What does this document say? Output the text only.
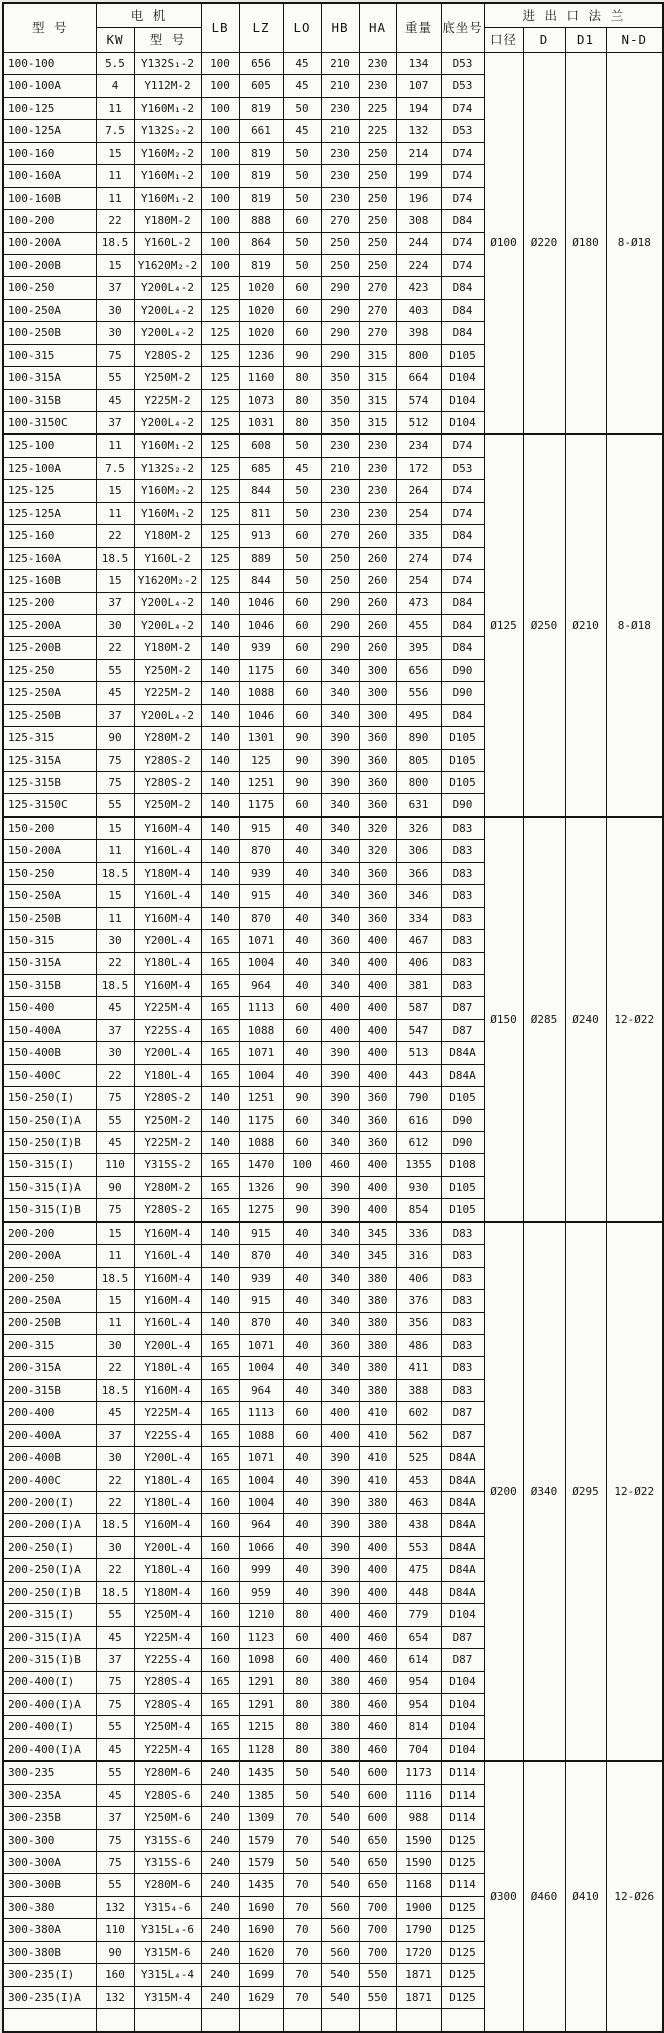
型 号	电 机		LB	LZ	LO	HB	HA	重量	底坐号	进 出 口 法 兰			
	KW	型 号								口径	D	D1	N-D
100-100	5.5	Y132S₁-2	100	656	45	210	230	134	D53	Ø100	Ø220	Ø180	8-Ø18
100-100A	4	Y112M-2	100	605	45	210	230	107	D53				
100-125	11	Y160M₁-2	100	819	50	230	225	194	D74				
100-125A	7.5	Y132S₂-2	100	661	45	210	225	132	D53				
100-160	15	Y160M₂-2	100	819	50	230	250	214	D74				
100-160A	11	Y160M₁-2	100	819	50	230	250	199	D74				
100-160B	11	Y160M₁-2	100	819	50	230	250	196	D74				
100-200	22	Y180M-2	100	888	60	270	250	308	D84				
100-200A	18.5	Y160L-2	100	864	50	250	250	244	D74				
100-200B	15	Y1620M₂-2	100	819	50	250	250	224	D74				
100-250	37	Y200L₄-2	125	1020	60	290	270	423	D84				
100-250A	30	Y200L₄-2	125	1020	60	290	270	403	D84				
100-250B	30	Y200L₄-2	125	1020	60	290	270	398	D84				
100-315	75	Y280S-2	125	1236	90	290	315	800	D105				
100-315A	55	Y250M-2	125	1160	80	350	315	664	D104				
100-315B	45	Y225M-2	125	1073	80	350	315	574	D104				
100-3150C	37	Y200L₄-2	125	1031	80	350	315	512	D104				
125-100	11	Y160M₁-2	125	608	50	230	230	234	D74	Ø125	Ø250	Ø210	8-Ø18
125-100A	7.5	Y132S₂-2	125	685	45	210	230	172	D53				
125-125	15	Y160M₂-2	125	844	50	230	230	264	D74				
125-125A	11	Y160M₁-2	125	811	50	230	230	254	D74				
125-160	22	Y180M-2	125	913	60	270	260	335	D84				
125-160A	18.5	Y160L-2	125	889	50	250	260	274	D74				
125-160B	15	Y1620M₂-2	125	844	50	250	260	254	D74				
125-200	37	Y200L₄-2	140	1046	60	290	260	473	D84				
125-200A	30	Y200L₄-2	140	1046	60	290	260	455	D84				
125-200B	22	Y180M-2	140	939	60	290	260	395	D84				
125-250	55	Y250M-2	140	1175	60	340	300	656	D90				
125-250A	45	Y225M-2	140	1088	60	340	300	556	D90				
125-250B	37	Y200L₄-2	140	1046	60	340	300	495	D84				
125-315	90	Y280M-2	140	1301	90	390	360	890	D105				
125-315A	75	Y280S-2	140	125	90	390	360	805	D105				
125-315B	75	Y280S-2	140	1251	90	390	360	800	D105				
125-3150C	55	Y250M-2	140	1175	60	340	360	631	D90				
150-200	15	Y160M-4	140	915	40	340	320	326	D83	Ø150	Ø285	Ø240	12-Ø22
150-200A	11	Y160L-4	140	870	40	340	320	306	D83				
150-250	18.5	Y180M-4	140	939	40	340	360	366	D83				
150-250A	15	Y160L-4	140	915	40	340	360	346	D83				
150-250B	11	Y160M-4	140	870	40	340	360	334	D83				
150-315	30	Y200L-4	165	1071	40	360	400	467	D83				
150-315A	22	Y180L-4	165	1004	40	340	400	406	D83				
150-315B	18.5	Y160M-4	165	964	40	340	400	381	D83				
150-400	45	Y225M-4	165	1113	60	400	400	587	D87				
150-400A	37	Y225S-4	165	1088	60	400	400	547	D87				
150-400B	30	Y200L-4	165	1071	40	390	400	513	D84A				
150-400C	22	Y180L-4	165	1004	40	390	400	443	D84A				
150-250(I)	75	Y280S-2	140	1251	90	390	360	790	D105				
150-250(I)A	55	Y250M-2	140	1175	60	340	360	616	D90				
150-250(I)B	45	Y225M-2	140	1088	60	340	360	612	D90				
150-315(I)	110	Y315S-2	165	1470	100	460	400	1355	D108				
150-315(I)A	90	Y280M-2	165	1326	90	390	400	930	D105				
150-315(I)B	75	Y280S-2	165	1275	90	390	400	854	D105				
200-200	15	Y160M-4	140	915	40	340	345	336	D83	Ø200	Ø340	Ø295	12-Ø22
200-200A	11	Y160L-4	140	870	40	340	345	316	D83				
200-250	18.5	Y160M-4	140	939	40	340	380	406	D83				
200-250A	15	Y160M-4	140	915	40	340	380	376	D83				
200-250B	11	Y160L-4	140	870	40	340	380	356	D83				
200-315	30	Y200L-4	165	1071	40	360	380	486	D83				
200-315A	22	Y180L-4	165	1004	40	340	380	411	D83				
200-315B	18.5	Y160M-4	165	964	40	340	380	388	D83				
200-400	45	Y225M-4	165	1113	60	400	410	602	D87				
200-400A	37	Y225S-4	165	1088	60	400	410	562	D87				
200-400B	30	Y200L-4	165	1071	40	390	410	525	D84A				
200-400C	22	Y180L-4	165	1004	40	390	410	453	D84A				
200-200(I)	22	Y180L-4	160	1004	40	390	380	463	D84A				
200-200(I)A	18.5	Y160M-4	160	964	40	390	380	438	D84A				
200-250(I)	30	Y200L-4	160	1066	40	390	400	553	D84A				
200-250(I)A	22	Y180L-4	160	999	40	390	400	475	D84A				
200-250(I)B	18.5	Y180M-4	160	959	40	390	400	448	D84A				
200-315(I)	55	Y250M-4	160	1210	80	400	460	779	D104				
200-315(I)A	45	Y225M-4	160	1123	60	400	460	654	D87				
200-315(I)B	37	Y225S-4	160	1098	60	400	460	614	D87				
200-400(I)	75	Y280S-4	165	1291	80	380	460	954	D104				
200-400(I)A	75	Y280S-4	165	1291	80	380	460	954	D104				
200-400(I)	55	Y250M-4	165	1215	80	380	460	814	D104				
200-400(I)A	45	Y225M-4	165	1128	80	380	460	704	D104				
300-235	55	Y280M-6	240	1435	50	540	600	1173	D114	Ø300	Ø460	Ø410	12-Ø26
300-235A	45	Y280S-6	240	1385	50	540	600	1116	D114				
300-235B	37	Y250M-6	240	1309	70	540	600	988	D114				
300-300	75	Y315S-6	240	1579	70	540	650	1590	D125				
300-300A	75	Y315S-6	240	1579	50	540	650	1590	D125				
300-300B	55	Y280M-6	240	1435	70	540	650	1168	D114				
300-380	132	Y315₄-6	240	1690	70	560	700	1900	D125				
300-380A	110	Y315L₄-6	240	1690	70	560	700	1790	D125				
300-380B	90	Y315M-6	240	1620	70	560	700	1720	D125				
300-235(I)	160	Y315L₄-4	240	1699	70	540	550	1871	D125				
300-235(I)A	132	Y315M-4	240	1629	70	540	550	1871	D125				
